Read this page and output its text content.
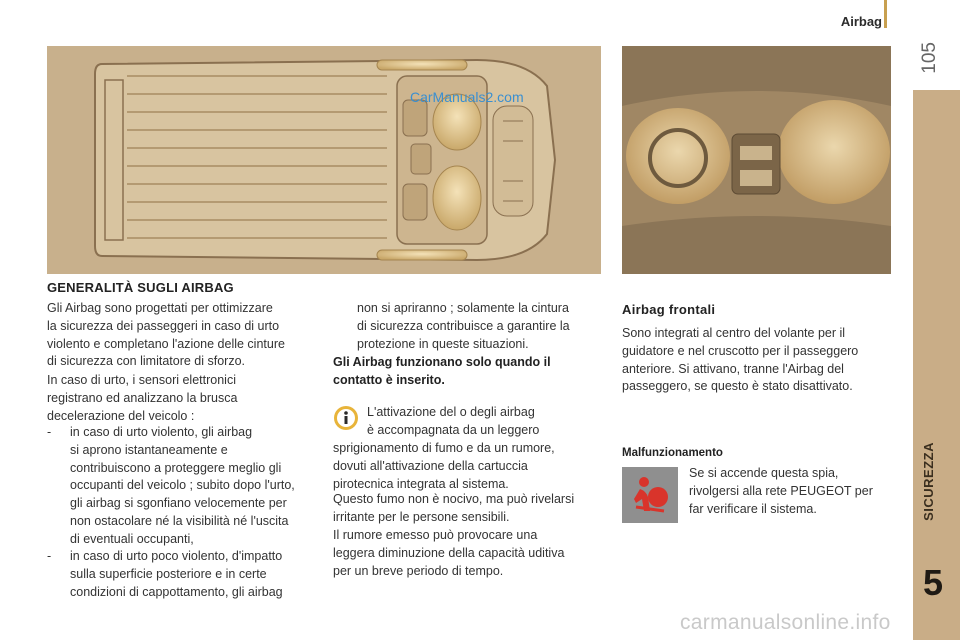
Airbag
105
SICUREZZA
5
CarManuals2.com
GENERALITÀ SUGLI AIRBAG
Gli Airbag sono progettati per ottimizzare
la sicurezza dei passeggeri in caso di urto
violento e completano l'azione delle cinture
di sicurezza con limitatore di sforzo.
In caso di urto, i sensori elettronici
registrano ed analizzano la brusca
decelerazione del veicolo :
- in caso di urto violento, gli airbag
si aprono istantaneamente e
contribuiscono a proteggere meglio gli
occupanti del veicolo ; subito dopo l'urto,
gli airbag si sgonfiano velocemente per
non ostacolare né la visibilità né l'uscita
di eventuali occupanti,
- in caso di urto poco violento, d'impatto
sulla superficie posteriore e in certe
condizioni di cappottamento, gli airbag
non si apriranno ; solamente la cintura
di sicurezza contribuisce a garantire la
protezione in queste situazioni.
Gli Airbag funzionano solo quando il
contatto è inserito.
L'attivazione del o degli airbag
è accompagnata da un leggero
sprigionamento di fumo e da un rumore,
dovuti all'attivazione della cartuccia
pirotecnica integrata al sistema.
Questo fumo non è nocivo, ma può rivelarsi
irritante per le persone sensibili.
Il rumore emesso può provocare una
leggera diminuzione della capacità uditiva
per un breve periodo di tempo.
Airbag frontali
Sono integrati al centro del volante per il
guidatore e nel cruscotto per il passeggero
anteriore. Si attivano, tranne l'Airbag del
passeggero, se questo è stato disattivato.
Malfunzionamento
Se si accende questa spia,
rivolgersi alla rete PEUGEOT per
far verificare il sistema.
carmanualsonline.info
